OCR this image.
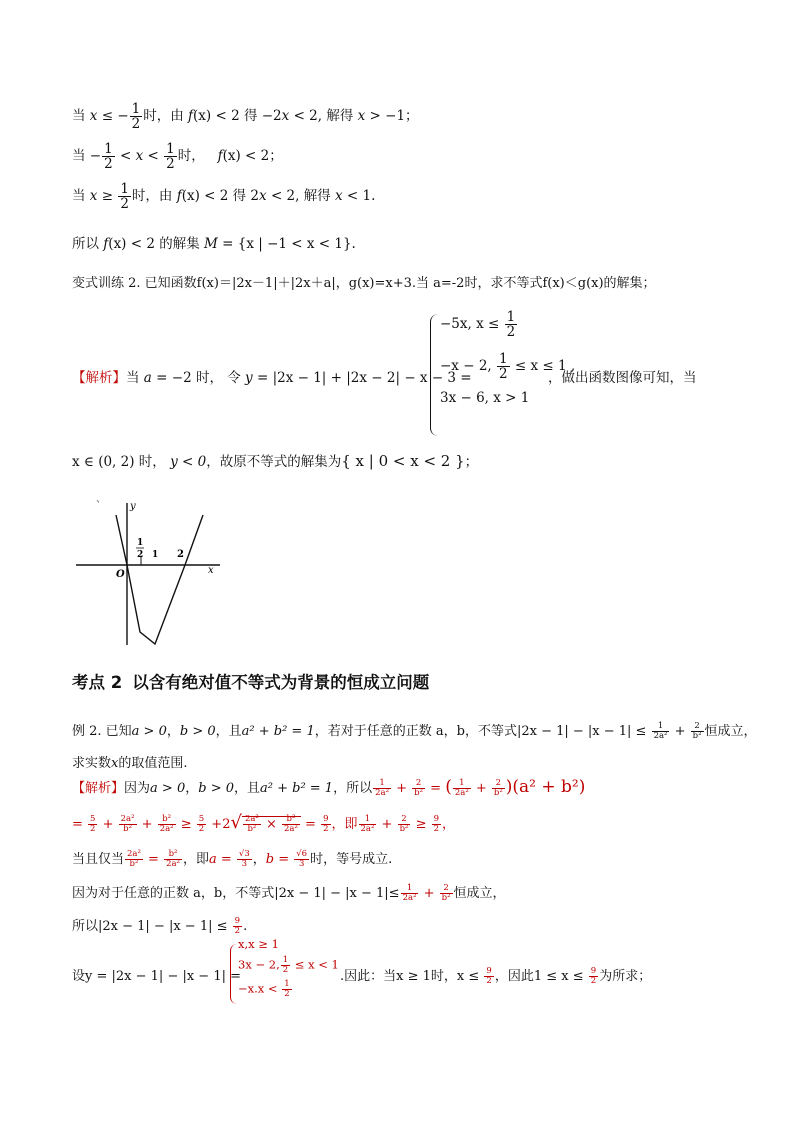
当 x ≤ − $\frac{1}{2}$ 时，由 f(x) < 2 得 −2x < 2, 解得 x > −1；
当 − $\frac{1}{2} < x < \frac{1}{2}$ 时，   f(x) < 2；
当 $x \ge \frac{1}{2}$ 时，由 f(x) < 2 得 2x < 2, 解得 x < 1.
所以 f(x) < 2 的解集 M = {x | −1 < x < 1}.
变式训练 2. 已知函数f(x)＝|2x－1|＋|2x＋a|，g(x)=x+3.当 a=-2时，求不等式f(x)＜g(x)的解集；
【解析】当 a = −2 时， 令 y = |2x − 1| + |2x − 2| − x − 3 =
−5x, $x \le \frac{1}{2}$
−x − 2, $\frac{1}{2} \le x \le 1$ ,
3x − 6, x > 1
，做出函数图像可知，当
x ∈ (0, 2) 时， y < 0，故原不等式的解集为{ x | 0 < x < 2 }；
、
y
x
O
1
2 1 2
考点 2 以含有绝对值不等式为背景的恒成立问题
例 2. 已知a > 0，b > 0，且a² + b² = 1，若对于任意的正数 a，b，不等式$|2x - 1| - |x - 1| \le \frac{1}{\text{2a²}} + \frac{2}{\text{b²}}$ 恒成立，
求实数x的取值范围.
【解析】因为a > 0，b > 0，且a² + b² = 1，所以 $\frac{1}{\text{2a²}} + \frac{2}{\text{b²}}$ = ( $\frac{1}{\text{2a²}} + \frac{2}{\text{b²}} )(a^2 + b^2)$
= $\frac{5}{2} + \frac{\text{2a²}}{\text{b²}} + \frac{\text{b²}}{\text{2a²}} \ge \frac{5}{2} +2√ \frac{\text{2a²}}{\text{b²}} \times \frac{\text{b²}}{\text{2a²}} = \frac{9}{2}$ ，即 $\frac{1}{\text{2a²}} + \frac{2}{\text{b²}} \ge \frac{9}{2}$ ，
当且仅当 $\frac{\text{2a²}}{\text{b²}} = \frac{\text{b²}}{\text{2a²}}$ ，即$a = \frac{√3}{3}$ ，$b = \frac{√6}{3}$ 时，等号成立.
因为对于任意的正数 a，b，不等式$|2x - 1| - |x - 1|\le \frac{1}{\text{2a²}} + \frac{2}{\text{b²}}$ 恒成立，
所以$|2x - 1| - |x - 1| \le \frac{9}{2}$ .
设y = |2x − 1| − |x − 1| =
x,x ≥ 1
3x − 2, $\frac{1}{2} \le x < 1$
$-x.x < \frac{1}{2}$
.因此：当x ≥ 1时，$x \le \frac{9}{2}$ ，因此$1 \le x \le \frac{9}{2}$ 为所求；
